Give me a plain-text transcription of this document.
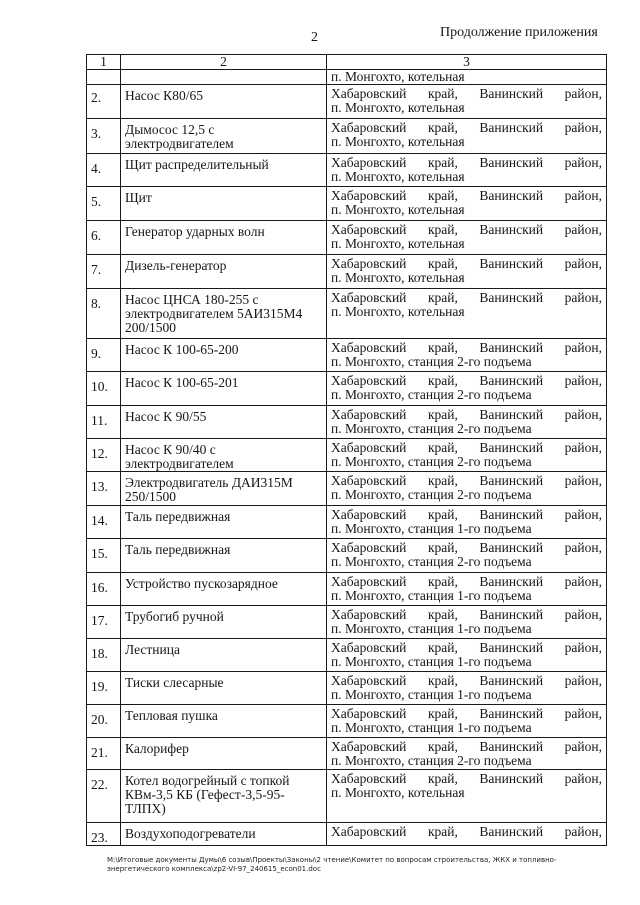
2	Продолжение приложения
1	2	3
		п. Монгохто, котельная
2.	Насос К80/65	Хабаровский край, Ванинский район,
п. Монгохто, котельная

3.	Дымосос 12,5 с электродвигателем	Хабаровский край, Ванинский район,
п. Монгохто, котельная

4.	Щит распределительный	Хабаровский край, Ванинский район,
п. Монгохто, котельная

5.	Щит	Хабаровский край, Ванинский район,
п. Монгохто, котельная

6.	Генератор ударных волн	Хабаровский край, Ванинский район,
п. Монгохто, котельная

7.	Дизель-генератор	Хабаровский край, Ванинский район,
п. Монгохто, котельная

8.	Насос ЦНСА 180-255 с электродвигателем 5АИ315М4 200/1500	Хабаровский край, Ванинский район,
п. Монгохто, котельная

9.	Насос К 100-65-200	Хабаровский край, Ванинский район,
п. Монгохто, станция 2-го подъема

10.	Насос К 100-65-201	Хабаровский край, Ванинский район,
п. Монгохто, станция 2-го подъема

11.	Насос К 90/55	Хабаровский край, Ванинский район,
п. Монгохто, станция 2-го подъема

12.	Насос К 90/40 с электродвигателем	Хабаровский край, Ванинский район,
п. Монгохто, станция 2-го подъема

13.	Электродвигатель ДАИ315М 250/1500	Хабаровский край, Ванинский район,
п. Монгохто, станция 2-го подъема

14.	Таль передвижная	Хабаровский край, Ванинский район,
п. Монгохто, станция 1-го подъема

15.	Таль передвижная	Хабаровский край, Ванинский район,
п. Монгохто, станция 2-го подъема

16.	Устройство пускозарядное	Хабаровский край, Ванинский район,
п. Монгохто, станция 1-го подъема

17.	Трубогиб ручной	Хабаровский край, Ванинский район,
п. Монгохто, станция 1-го подъема

18.	Лестница	Хабаровский край, Ванинский район,
п. Монгохто, станция 1-го подъема

19.	Тиски слесарные	Хабаровский край, Ванинский район,
п. Монгохто, станция 1-го подъема

20.	Тепловая пушка	Хабаровский край, Ванинский район,
п. Монгохто, станция 1-го подъема

21.	Калорифер	Хабаровский край, Ванинский район,
п. Монгохто, станция 2-го подъема

22.	Котел водогрейный с топкой КВм-3,5 КБ (Гефест-3,5-95-ТЛПХ)	Хабаровский край, Ванинский район,
п. Монгохто, котельная

23.	Воздухоподогреватели	Хабаровский край, Ванинский район,
M:\Итоговые документы Думы\6 созыв\Проекты\Законы\2 чтение\Комитет по вопросам строительства, ЖКХ и топливно-энергетического комплекса\zp2-VI-97_240615_econ01.doc
